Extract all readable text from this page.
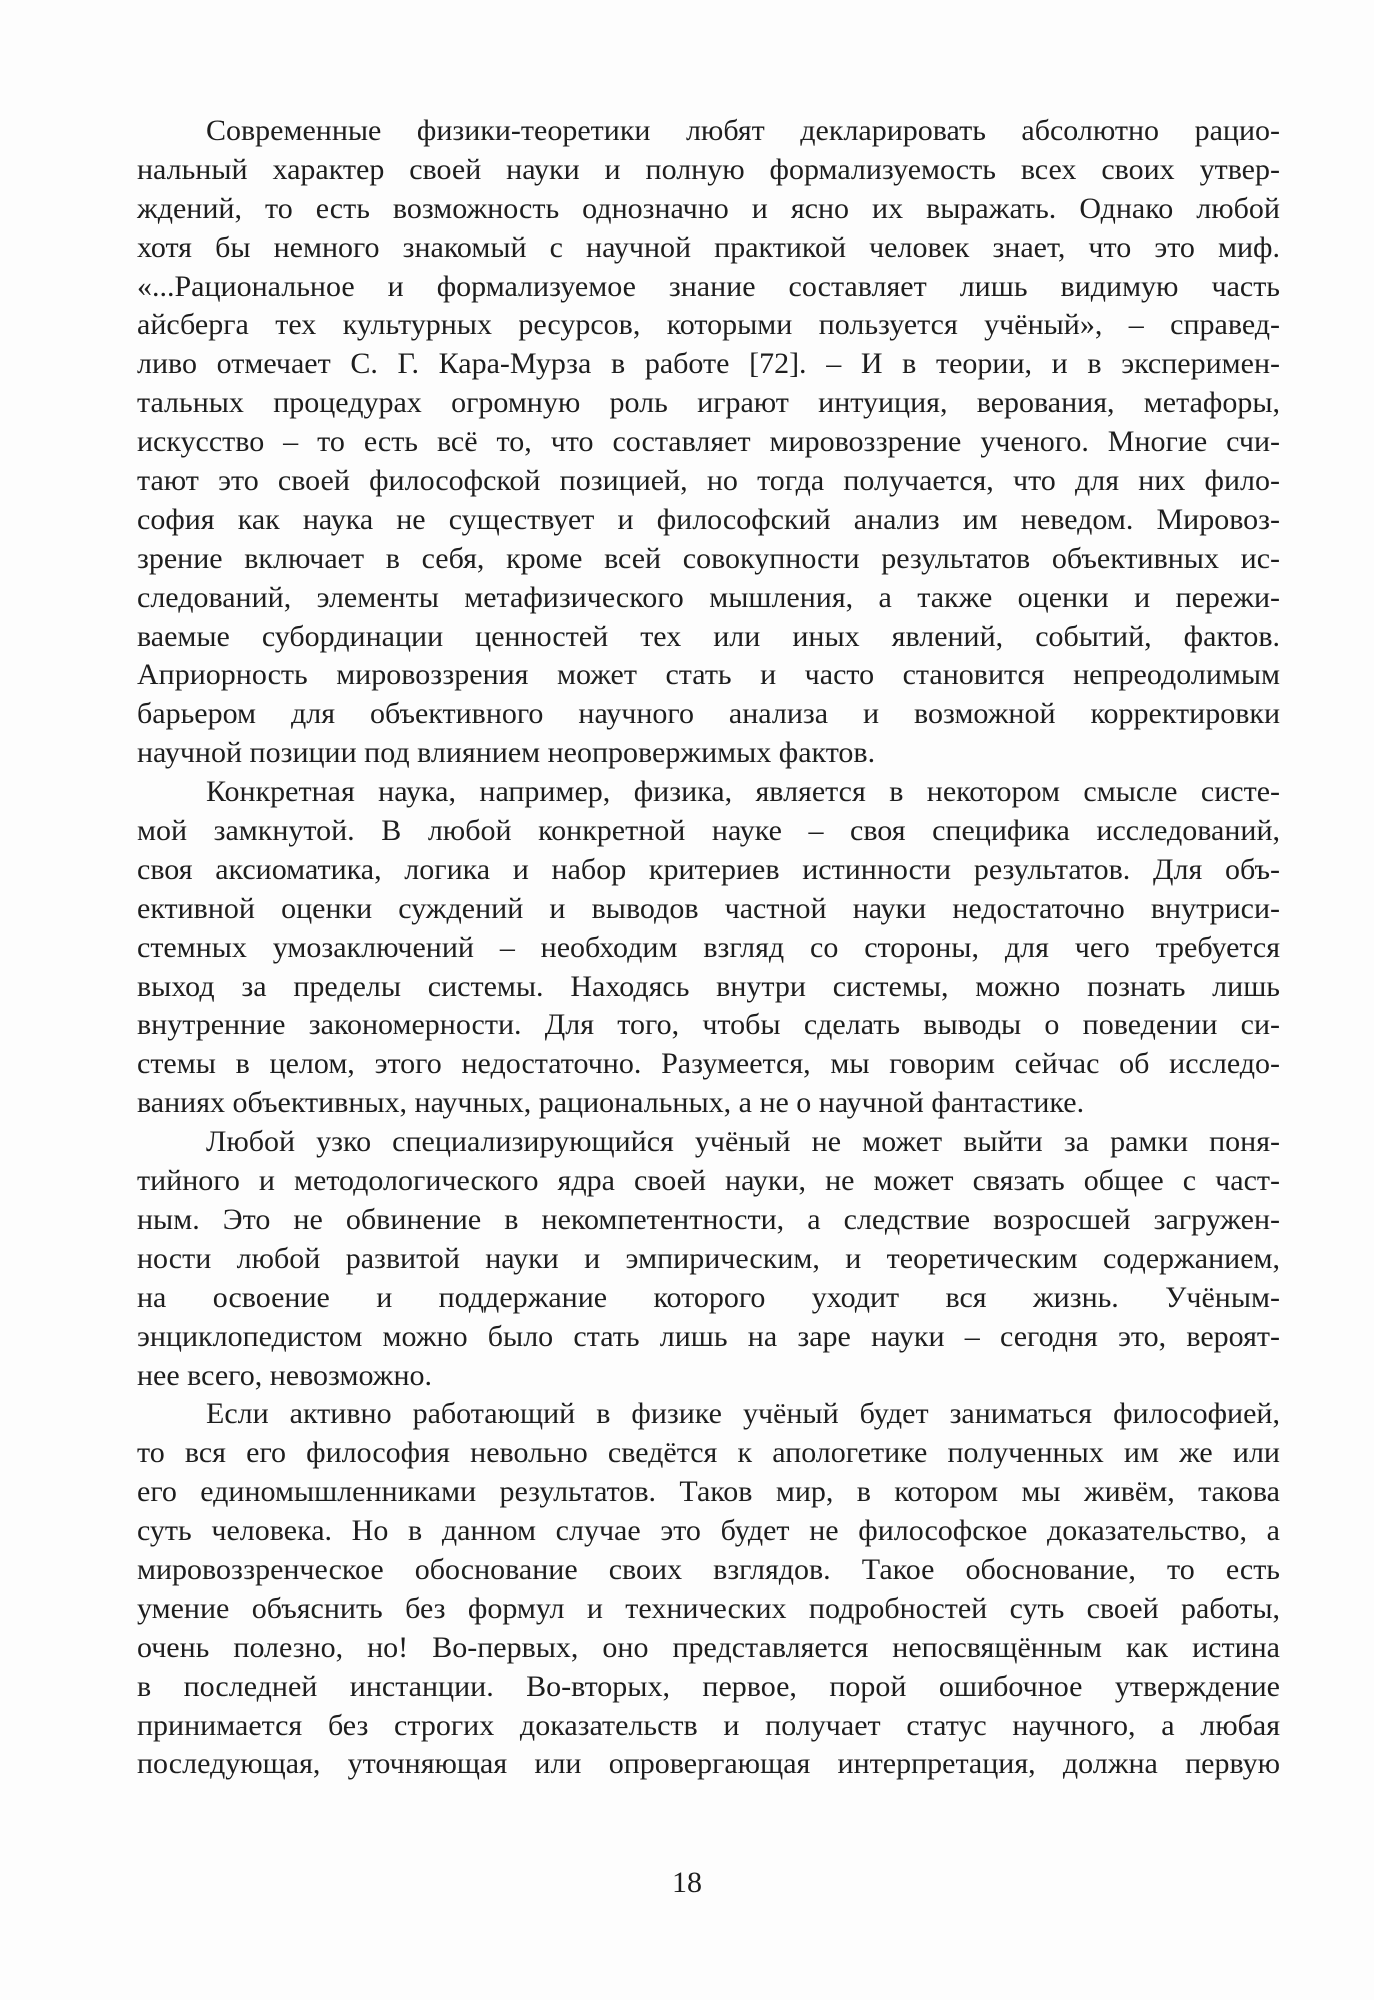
Современные физики-теоретики любят декларировать абсолютно рацио-
нальный характер своей науки и полную формализуемость всех своих утвер-
ждений, то есть возможность однозначно и ясно их выражать. Однако любой
хотя бы немного знакомый с научной практикой человек знает, что это миф.
«...Рациональное и формализуемое знание составляет лишь видимую часть
айсберга тех культурных ресурсов, которыми пользуется учёный», – справед-
ливо отмечает С. Г. Кара-Мурза в работе [72]. – И в теории, и в эксперимен-
тальных процедурах огромную роль играют интуиция, верования, метафоры,
искусство – то есть всё то, что составляет мировоззрение ученого. Многие счи-
тают это своей философской позицией, но тогда получается, что для них фило-
софия как наука не существует и философский анализ им неведом. Мировоз-
зрение включает в себя, кроме всей совокупности результатов объективных ис-
следований, элементы метафизического мышления, а также оценки и пережи-
ваемые субординации ценностей тех или иных явлений, событий, фактов.
Априорность мировоззрения может стать и часто становится непреодолимым
барьером для объективного научного анализа и возможной корректировки
научной позиции под влиянием неопровержимых фактов.
Конкретная наука, например, физика, является в некотором смысле систе-
мой замкнутой. В любой конкретной науке – своя специфика исследований,
своя аксиоматика, логика и набор критериев истинности результатов. Для объ-
ективной оценки суждений и выводов частной науки недостаточно внутриси-
стемных умозаключений – необходим взгляд со стороны, для чего требуется
выход за пределы системы. Находясь внутри системы, можно познать лишь
внутренние закономерности. Для того, чтобы сделать выводы о поведении си-
стемы в целом, этого недостаточно. Разумеется, мы говорим сейчас об исследо-
ваниях объективных, научных, рациональных, а не о научной фантастике.
Любой узко специализирующийся учёный не может выйти за рамки поня-
тийного и методологического ядра своей науки, не может связать общее с част-
ным. Это не обвинение в некомпетентности, а следствие возросшей загружен-
ности любой развитой науки и эмпирическим, и теоретическим содержанием,
на освоение и поддержание которого уходит вся жизнь. Учёным-
энциклопедистом можно было стать лишь на заре науки – сегодня это, вероят-
нее всего, невозможно.
Если активно работающий в физике учёный будет заниматься философией,
то вся его философия невольно сведётся к апологетике полученных им же или
его единомышленниками результатов. Таков мир, в котором мы живём, такова
суть человека. Но в данном случае это будет не философское доказательство, а
мировоззренческое обоснование своих взглядов. Такое обоснование, то есть
умение объяснить без формул и технических подробностей суть своей работы,
очень полезно, но! Во-первых, оно представляется непосвящённым как истина
в последней инстанции. Во-вторых, первое, порой ошибочное утверждение
принимается без строгих доказательств и получает статус научного, а любая
последующая, уточняющая или опровергающая интерпретация, должна первую
18
